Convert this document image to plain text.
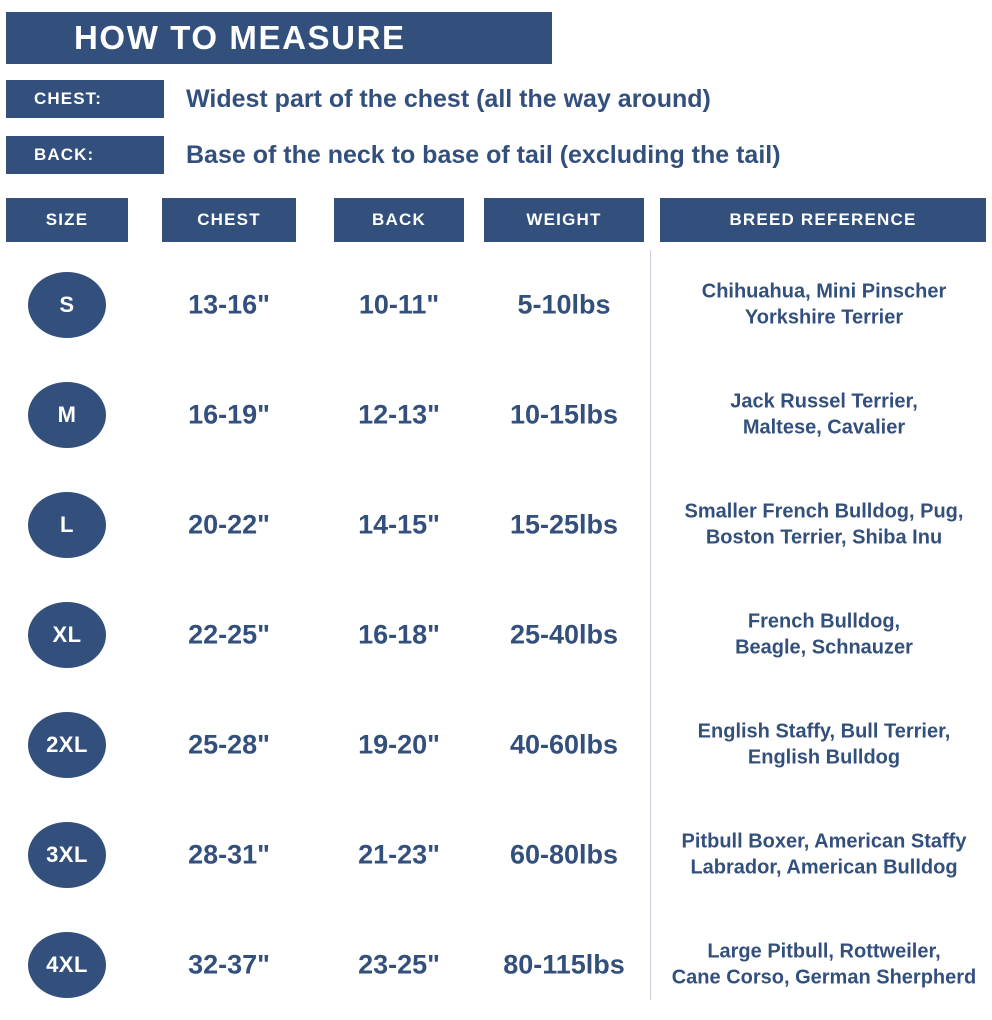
HOW TO MEASURE
CHEST:	Widest part of the chest (all the way around)
BACK:	Base of the neck to base of tail (excluding the tail)
SIZE	CHEST	BACK	WEIGHT	BREED REFERENCE
S	13-16"	10-11"	5-10lbs	Chihuahua, Mini Pinscher
Yorkshire Terrier
M	16-19"	12-13"	10-15lbs	Jack Russel Terrier,
Maltese, Cavalier
L	20-22"	14-15"	15-25lbs	Smaller French Bulldog, Pug,
Boston Terrier, Shiba Inu
XL	22-25"	16-18"	25-40lbs	French Bulldog,
Beagle, Schnauzer
2XL	25-28"	19-20"	40-60lbs	English Staffy, Bull Terrier,
English Bulldog
3XL	28-31"	21-23"	60-80lbs	Pitbull Boxer, American Staffy
Labrador, American Bulldog
4XL	32-37"	23-25"	80-115lbs	Large Pitbull, Rottweiler,
Cane Corso, German Sherpherd
